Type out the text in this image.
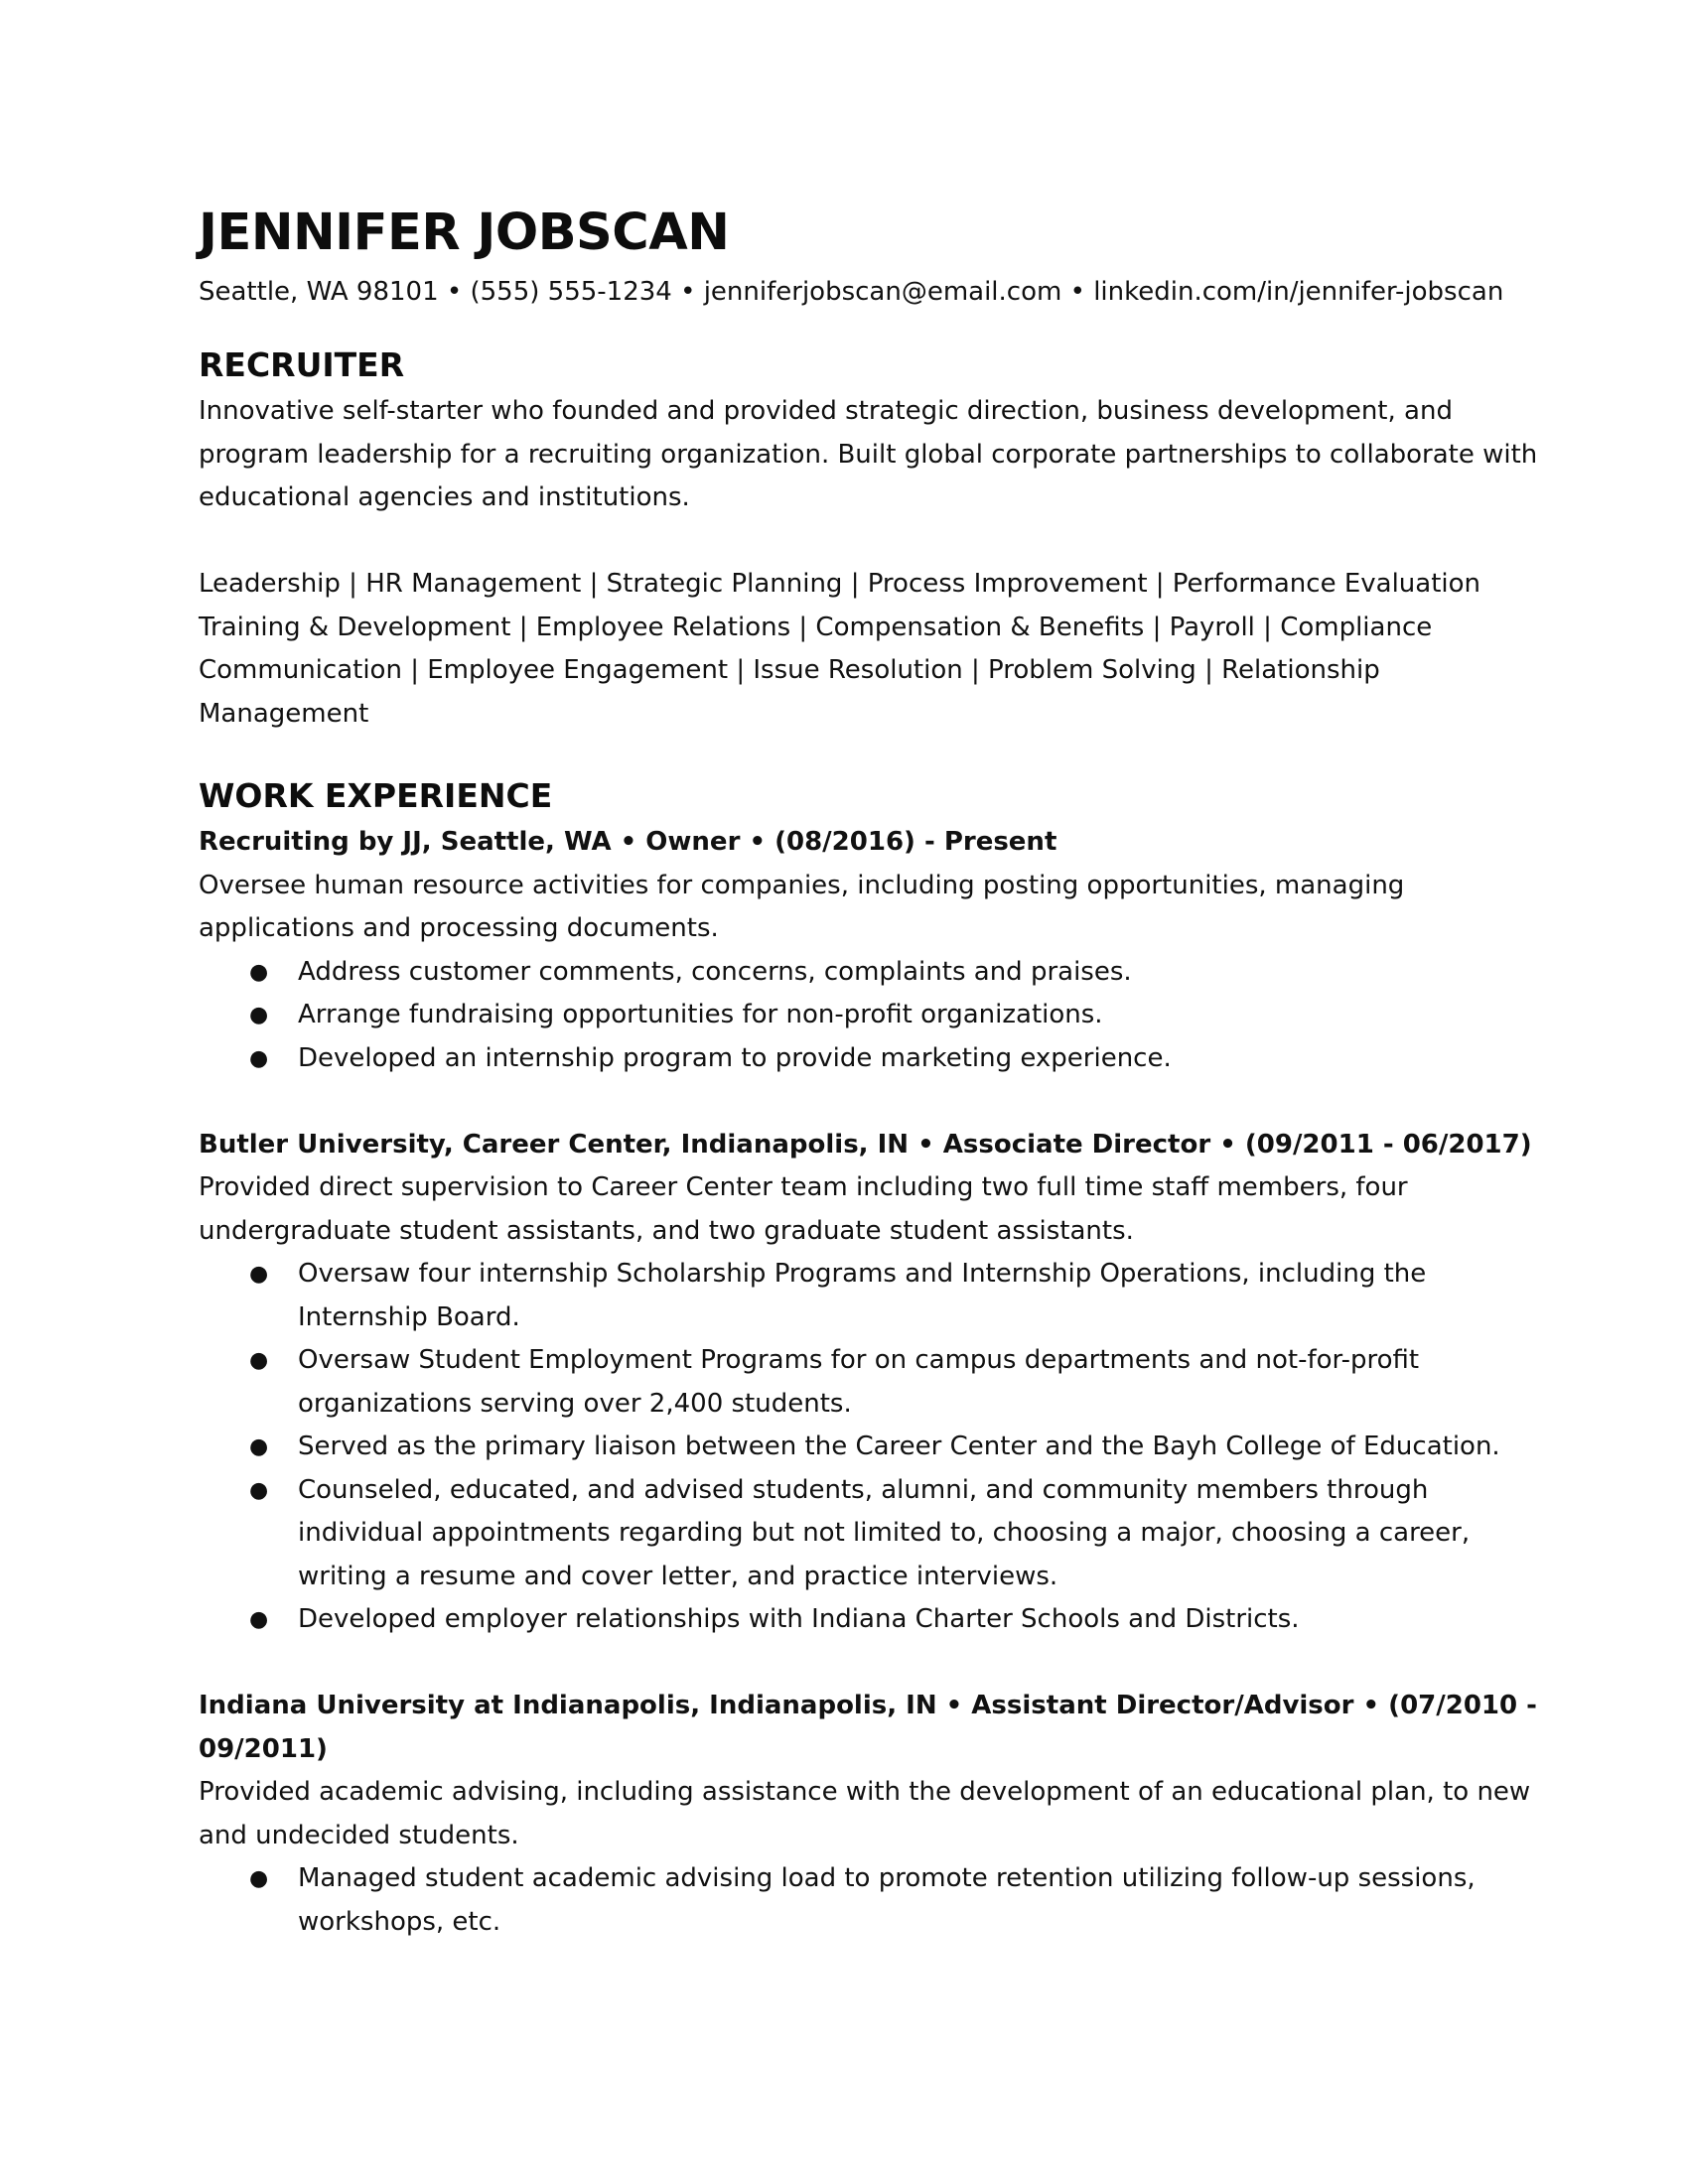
JENNIFER JOBSCAN

Seattle, WA 98101 • (555) 555-1234 • jenniferjobscan@email.com • linkedin.com/in/jennifer-jobscan

RECRUITER

Innovative self-starter who founded and provided strategic direction, business development, and program leadership for a recruiting organization. Built global corporate partnerships to collaborate with educational agencies and institutions.

Leadership | HR Management | Strategic Planning | Process Improvement | Performance Evaluation Training & Development | Employee Relations | Compensation & Benefits | Payroll | Compliance Communication | Employee Engagement | Issue Resolution | Problem Solving | Relationship Management

WORK EXPERIENCE

Recruiting by JJ, Seattle, WA • Owner • (08/2016) - Present

Oversee human resource activities for companies, including posting opportunities, managing applications and processing documents.

● Address customer comments, concerns, complaints and praises.
● Arrange fundraising opportunities for non-profit organizations.
● Developed an internship program to provide marketing experience.

Butler University, Career Center, Indianapolis, IN • Associate Director • (09/2011 - 06/2017)

Provided direct supervision to Career Center team including two full time staff members, four undergraduate student assistants, and two graduate student assistants.

● Oversaw four internship Scholarship Programs and Internship Operations, including the Internship Board.
● Oversaw Student Employment Programs for on campus departments and not-for-profit organizations serving over 2,400 students.
● Served as the primary liaison between the Career Center and the Bayh College of Education.
● Counseled, educated, and advised students, alumni, and community members through individual appointments regarding but not limited to, choosing a major, choosing a career, writing a resume and cover letter, and practice interviews.
● Developed employer relationships with Indiana Charter Schools and Districts.

Indiana University at Indianapolis, Indianapolis, IN • Assistant Director/Advisor • (07/2010 - 09/2011)

Provided academic advising, including assistance with the development of an educational plan, to new and undecided students.

● Managed student academic advising load to promote retention utilizing follow-up sessions, workshops, etc.
